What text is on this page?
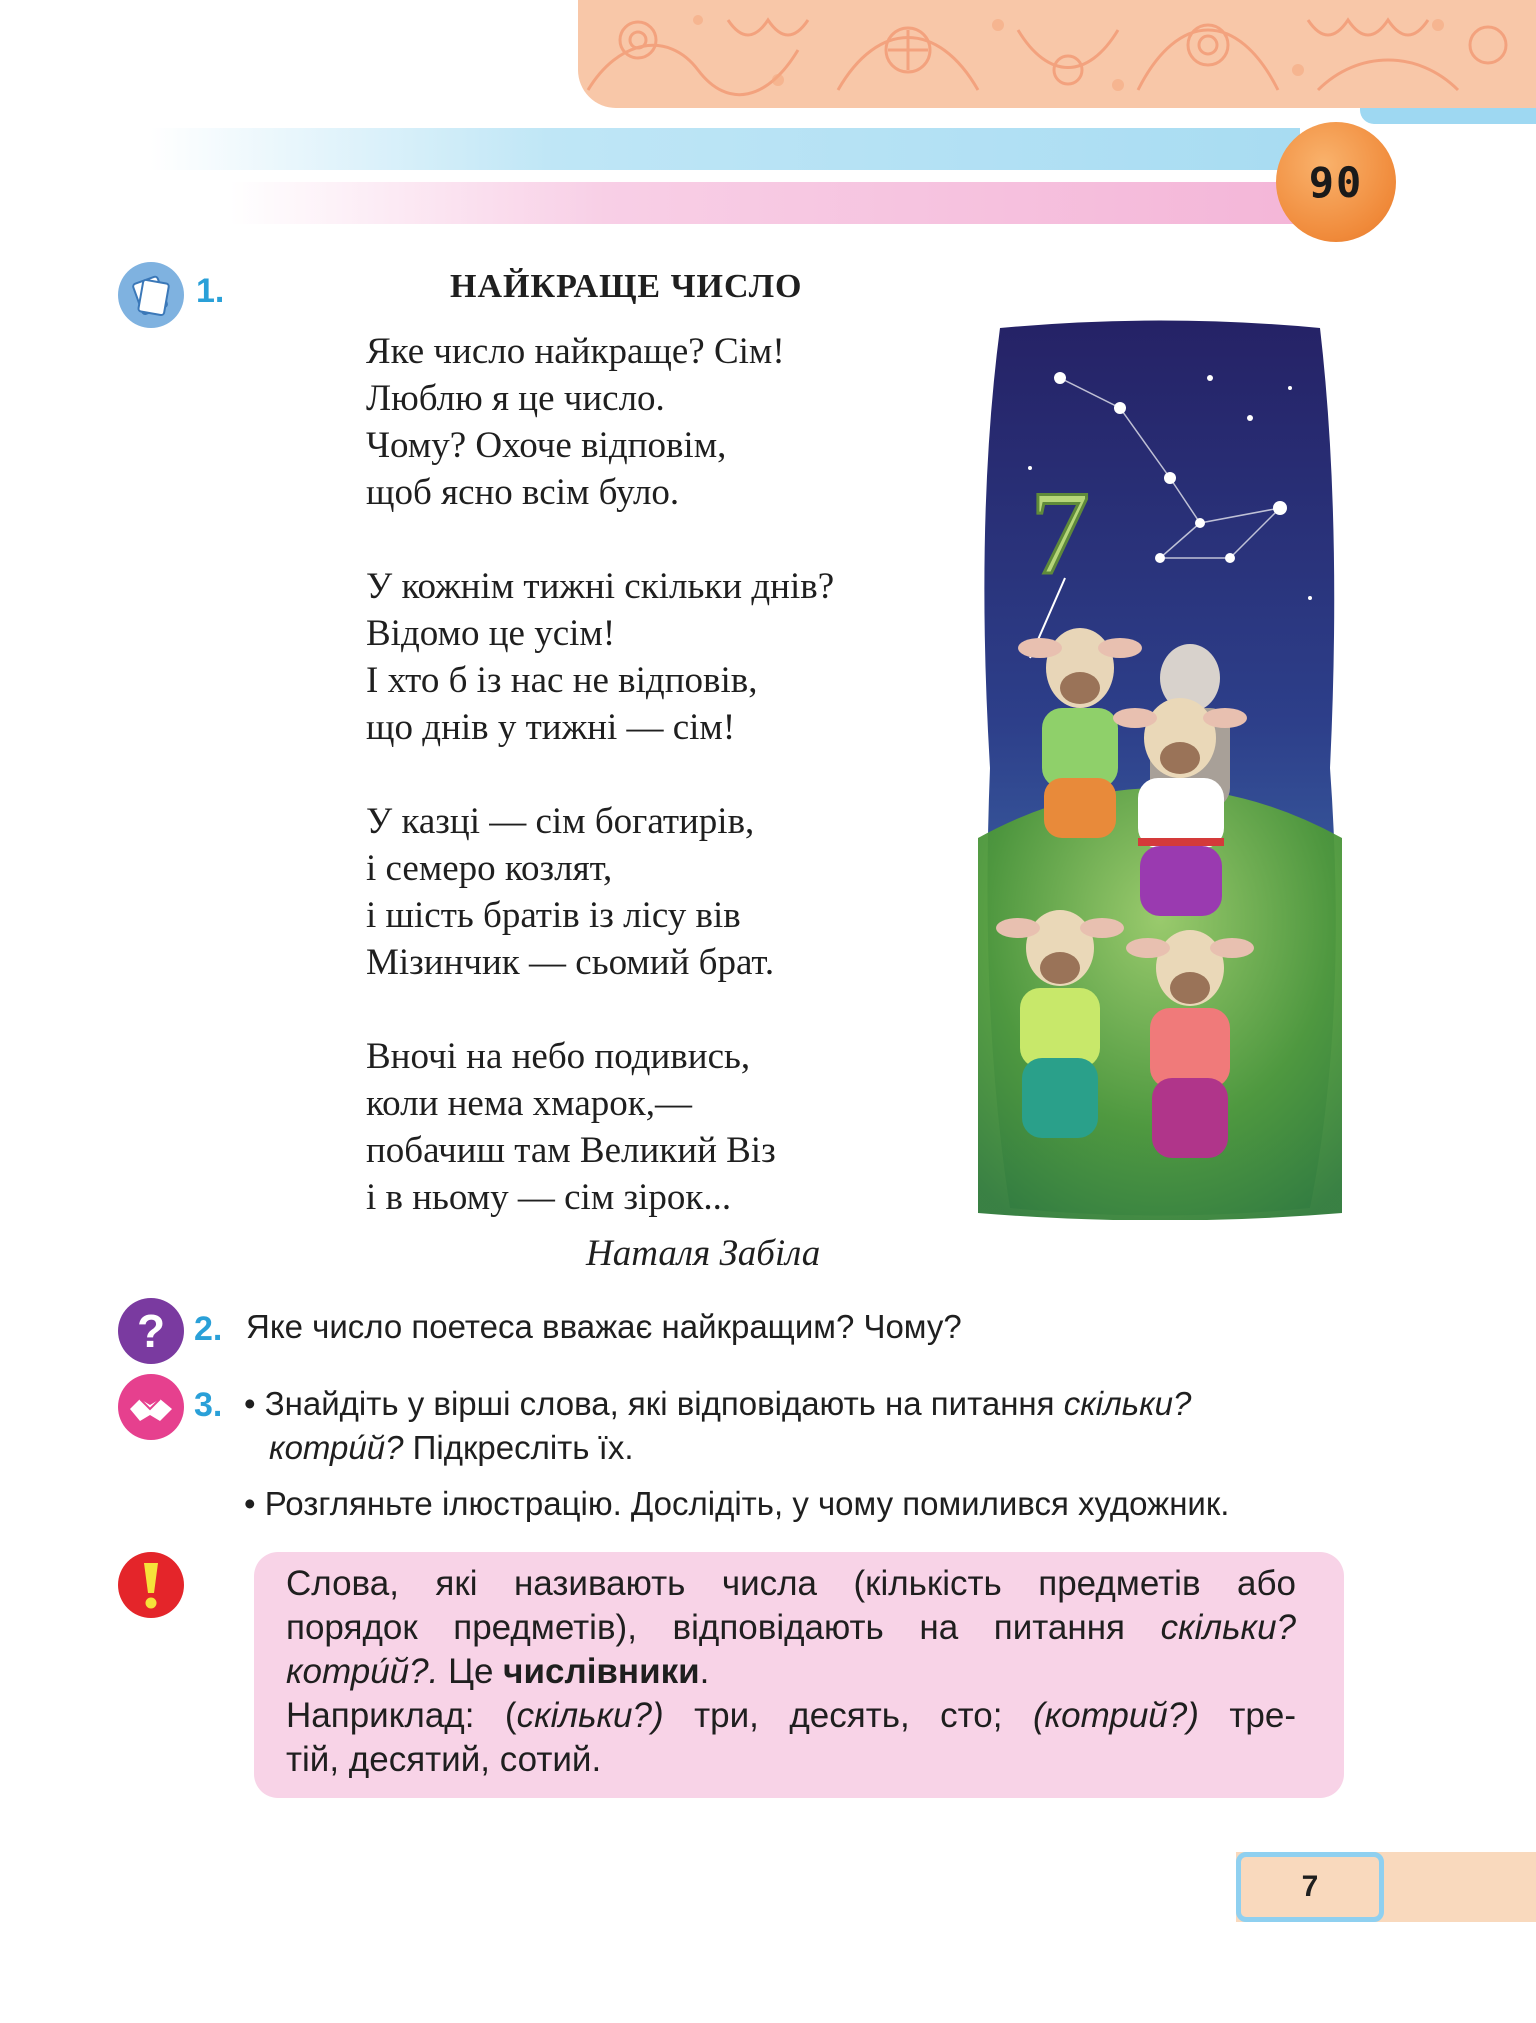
90
1.	НАЙКРАЩЕ ЧИСЛО
Яке число найкраще? Сім!
Люблю я це число.
Чому? Охоче відповім,
щоб ясно всім було.
У кожнім тижні скільки днів?
Відомо це усім!
І хто б із нас не відповів,
що днів у тижні — сім!
У казці — сім богатирів,
і семеро козлят,
і шість братів із лісу вів
Мізинчик — сьомий брат.
Вночі на небо подивись,
коли нема хмарок,—
побачиш там Великий Віз
і в ньому — сім зірок...
Наталя Забіла
7
? 2. Яке число поетеса вважає найкращим? Чому?
3. • Знайдіть у вірші слова, які відповідають на питання скільки?
котри́й? Підкресліть їх.
• Розгляньте ілюстрацію. Дослідіть, у чому помилився художник.
Слова, які називають числа (кількість предметів або
порядок предметів), відповідають на питання скільки?
котри́й?. Це числівники.
Наприклад: (скільки?) три, десять, сто; (котрий?) тре-
тій, десятий, сотий.
7
